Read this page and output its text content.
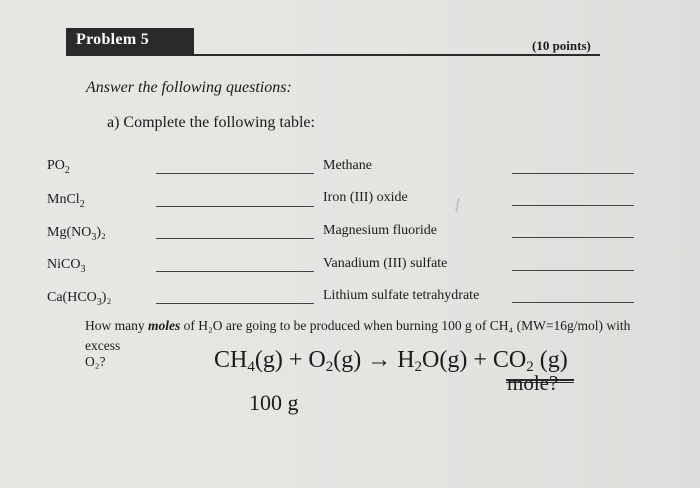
Problem 5	(10 points)
Answer the following questions:
a) Complete the following table:
$PO_2$	Methane
MnCl$_2$	Iron (III) oxide
$Mg(NO_3)_2$	Magnesium fluoride
NiCO$_3$	Vanadium (III) sulfate
$Ca(HCO_3)_2$	Lithium sulfate tetrahydrate
~~
How many moles of H₂O are going to be produced when burning 100 g of CH₄ (MW=16g/mol) with
excess
O₂?	$CH_4(g) + O_2(g) \to H_2O(g) + CO_2$ (g)
100 g
mole?
